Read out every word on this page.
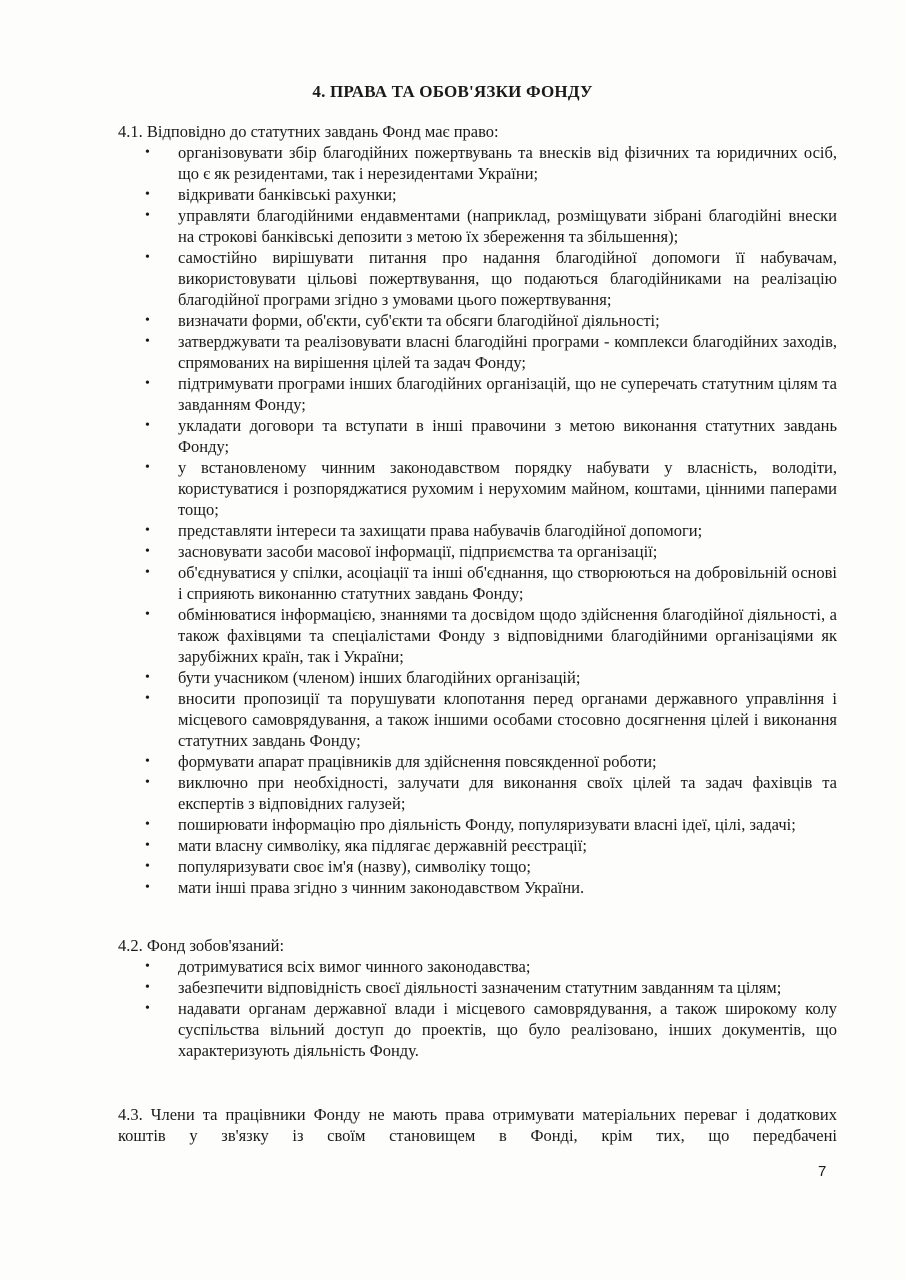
4. ПРАВА ТА ОБОВ'ЯЗКИ ФОНДУ
4.1. Відповідно до статутних завдань Фонд має право:
•	організовувати збір благодійних пожертвувань та внесків від фізичних та юридичних осіб, що є як резидентами, так і нерезидентами України;
•	відкривати банківські рахунки;
•	управляти благодійними ендавментами (наприклад, розміщувати зібрані благодійні внески на строкові банківські депозити з метою їх збереження та збільшення);
•	самостійно вирішувати питання про надання благодійної допомоги її набувачам, використовувати цільові пожертвування, що подаються благодійниками на реалізацію благодійної програми згідно з умовами цього пожертвування;
•	визначати форми, об'єкти, суб'єкти та обсяги благодійної діяльності;
•	затверджувати та реалізовувати власні благодійні програми - комплекси благодійних заходів, спрямованих на вирішення цілей та задач Фонду;
•	підтримувати програми інших благодійних організацій, що не суперечать статутним цілям та завданням Фонду;
•	укладати договори та вступати в інші правочини з метою виконання статутних завдань Фонду;
•	у встановленому чинним законодавством порядку набувати у власність, володіти, користуватися і розпоряджатися рухомим і нерухомим майном, коштами, цінними паперами тощо;
•	представляти інтереси та захищати права набувачів благодійної допомоги;
•	засновувати засоби масової інформації, підприємства та організації;
•	об'єднуватися у спілки, асоціації та інші об'єднання, що створюються на добровільній основі і сприяють виконанню статутних завдань Фонду;
•	обмінюватися інформацією, знаннями та досвідом щодо здійснення благодійної діяльності, а також фахівцями та спеціалістами Фонду з відповідними благодійними організаціями як зарубіжних країн, так і України;
•	бути учасником (членом) інших благодійних організацій;
•	вносити пропозиції та порушувати клопотання перед органами державного управління і місцевого самоврядування, а також іншими особами стосовно досягнення цілей і виконання статутних завдань Фонду;
•	формувати апарат працівників для здійснення повсякденної роботи;
•	виключно при необхідності, залучати для виконання своїх цілей та задач фахівців та експертів з відповідних галузей;
•	поширювати інформацію про діяльність Фонду, популяризувати власні ідеї, цілі, задачі;
•	мати власну символіку, яка підлягає державній реєстрації;
•	популяризувати своє ім'я (назву), символіку тощо;
•	мати інші права згідно з чинним законодавством України.
4.2. Фонд зобов'язаний:
•	дотримуватися всіх вимог чинного законодавства;
•	забезпечити відповідність своєї діяльності зазначеним статутним завданням та цілям;
•	надавати органам державної влади і місцевого самоврядування, а також широкому колу суспільства вільний доступ до проектів, що було реалізовано, інших документів, що характеризують діяльність Фонду.
4.3. Члени та працівники Фонду не мають права отримувати матеріальних переваг і додаткових коштів у зв'язку із своїм становищем в Фонді, крім тих, що передбачені
7
